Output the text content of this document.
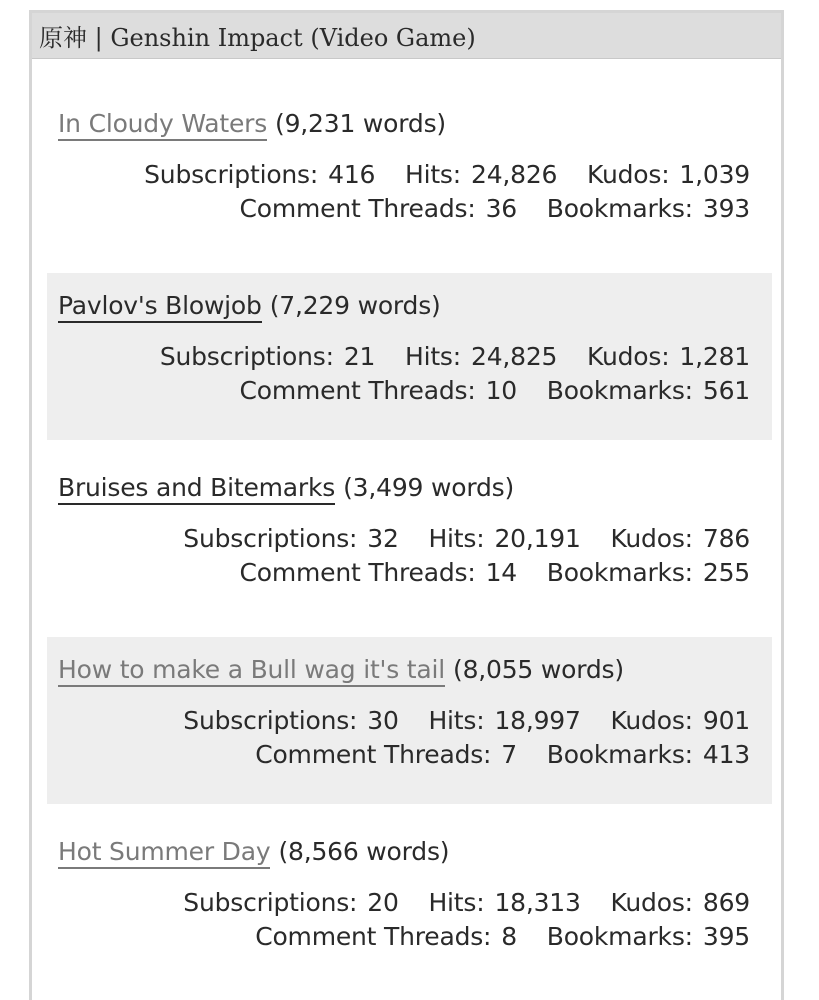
原神 | Genshin Impact (Video Game)
In Cloudy Waters (9,231 words)
Subscriptions: 416 Hits: 24,826 Kudos: 1,039
Comment Threads: 36 Bookmarks: 393
Pavlov's Blowjob (7,229 words)
Subscriptions: 21 Hits: 24,825 Kudos: 1,281
Comment Threads: 10 Bookmarks: 561
Bruises and Bitemarks (3,499 words)
Subscriptions: 32 Hits: 20,191 Kudos: 786 Comment Threads: 14 Bookmarks: 255
How to make a Bull wag it's tail (8,055 words)
Subscriptions: 30 Hits: 18,997 Kudos: 901 Comment Threads: 7 Bookmarks: 413
Hot Summer Day (8,566 words)
Subscriptions: 20 Hits: 18,313 Kudos: 869 Comment Threads: 8 Bookmarks: 395
